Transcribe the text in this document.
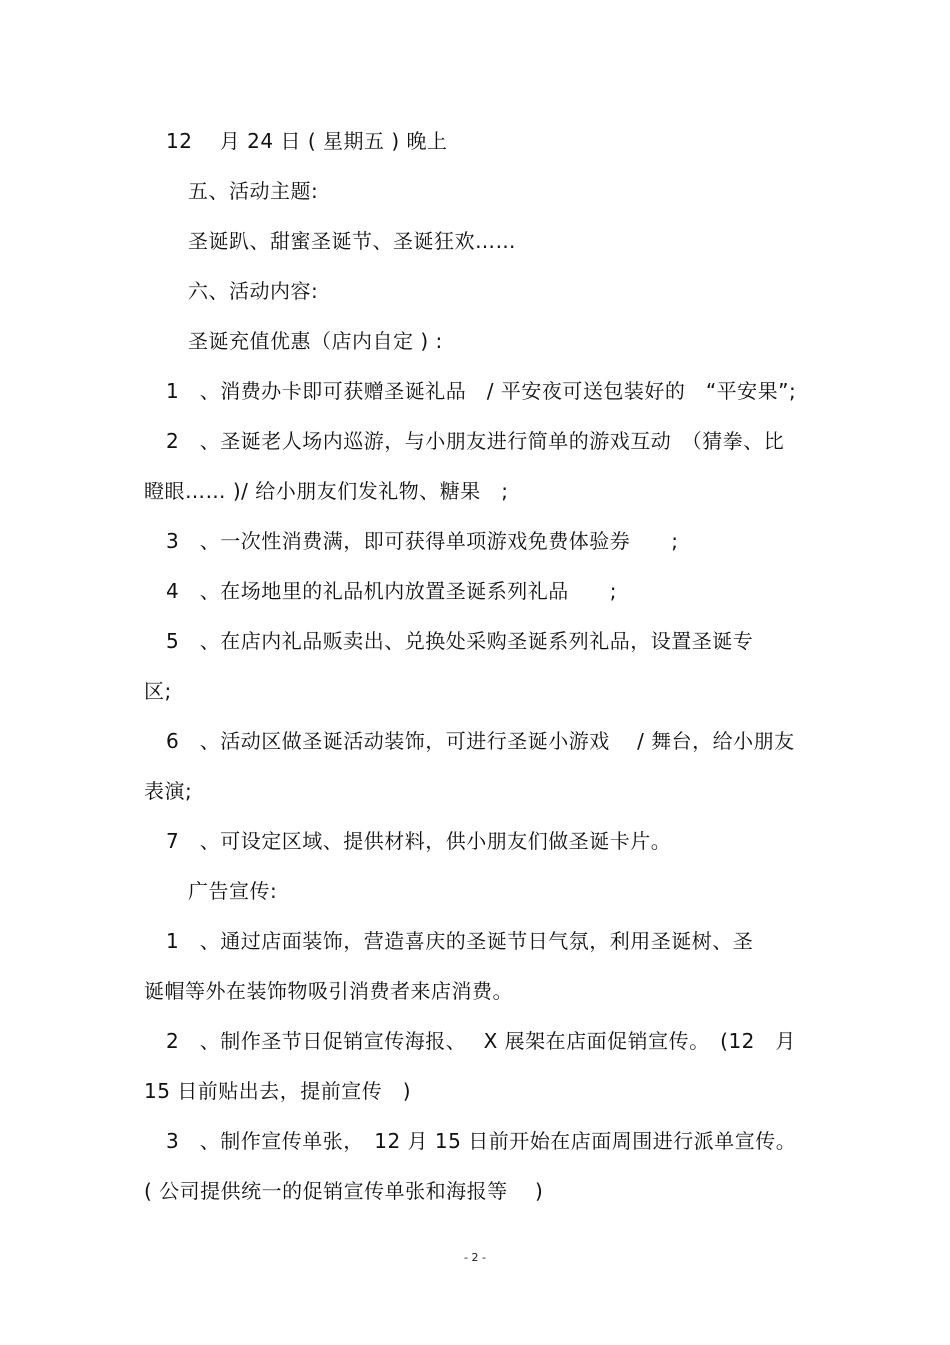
12　 月 24 日 ( 星期五 ) 晚上
五、活动主题:
圣诞趴、甜蜜圣诞节、圣诞狂欢……
六、活动内容:
圣诞充值优惠（店内自定 ) :
1　、消费办卡即可获赠圣诞礼品　/ 平安夜可送包装好的　“平安果”;
2　、圣诞老人场内巡游，与小朋友进行简单的游戏互动　（猜拳、比
瞪眼…… )/ 给小朋友们发礼物、糖果　;
3　、一次性消费满，即可获得单项游戏免费体验券　　;
4　、在场地里的礼品机内放置圣诞系列礼品　　;
5　、在店内礼品贩卖出、兑换处采购圣诞系列礼品，设置圣诞专
区;
6　、活动区做圣诞活动装饰，可进行圣诞小游戏　 / 舞台，给小朋友
表演;
7　、可设定区域、提供材料，供小朋友们做圣诞卡片。
广告宣传:
1　、通过店面装饰，营造喜庆的圣诞节日气氛，利用圣诞树、圣
诞帽等外在装饰物吸引消费者来店消费。
2　、制作圣节日促销宣传海报、　 X 展架在店面促销宣传。　(12　月
15 日前贴出去，提前宣传　)
3　、制作宣传单张，　12 月 15 日前开始在店面周围进行派单宣传。
( 公司提供统一的促销宣传单张和海报等　 )
- 2 -
